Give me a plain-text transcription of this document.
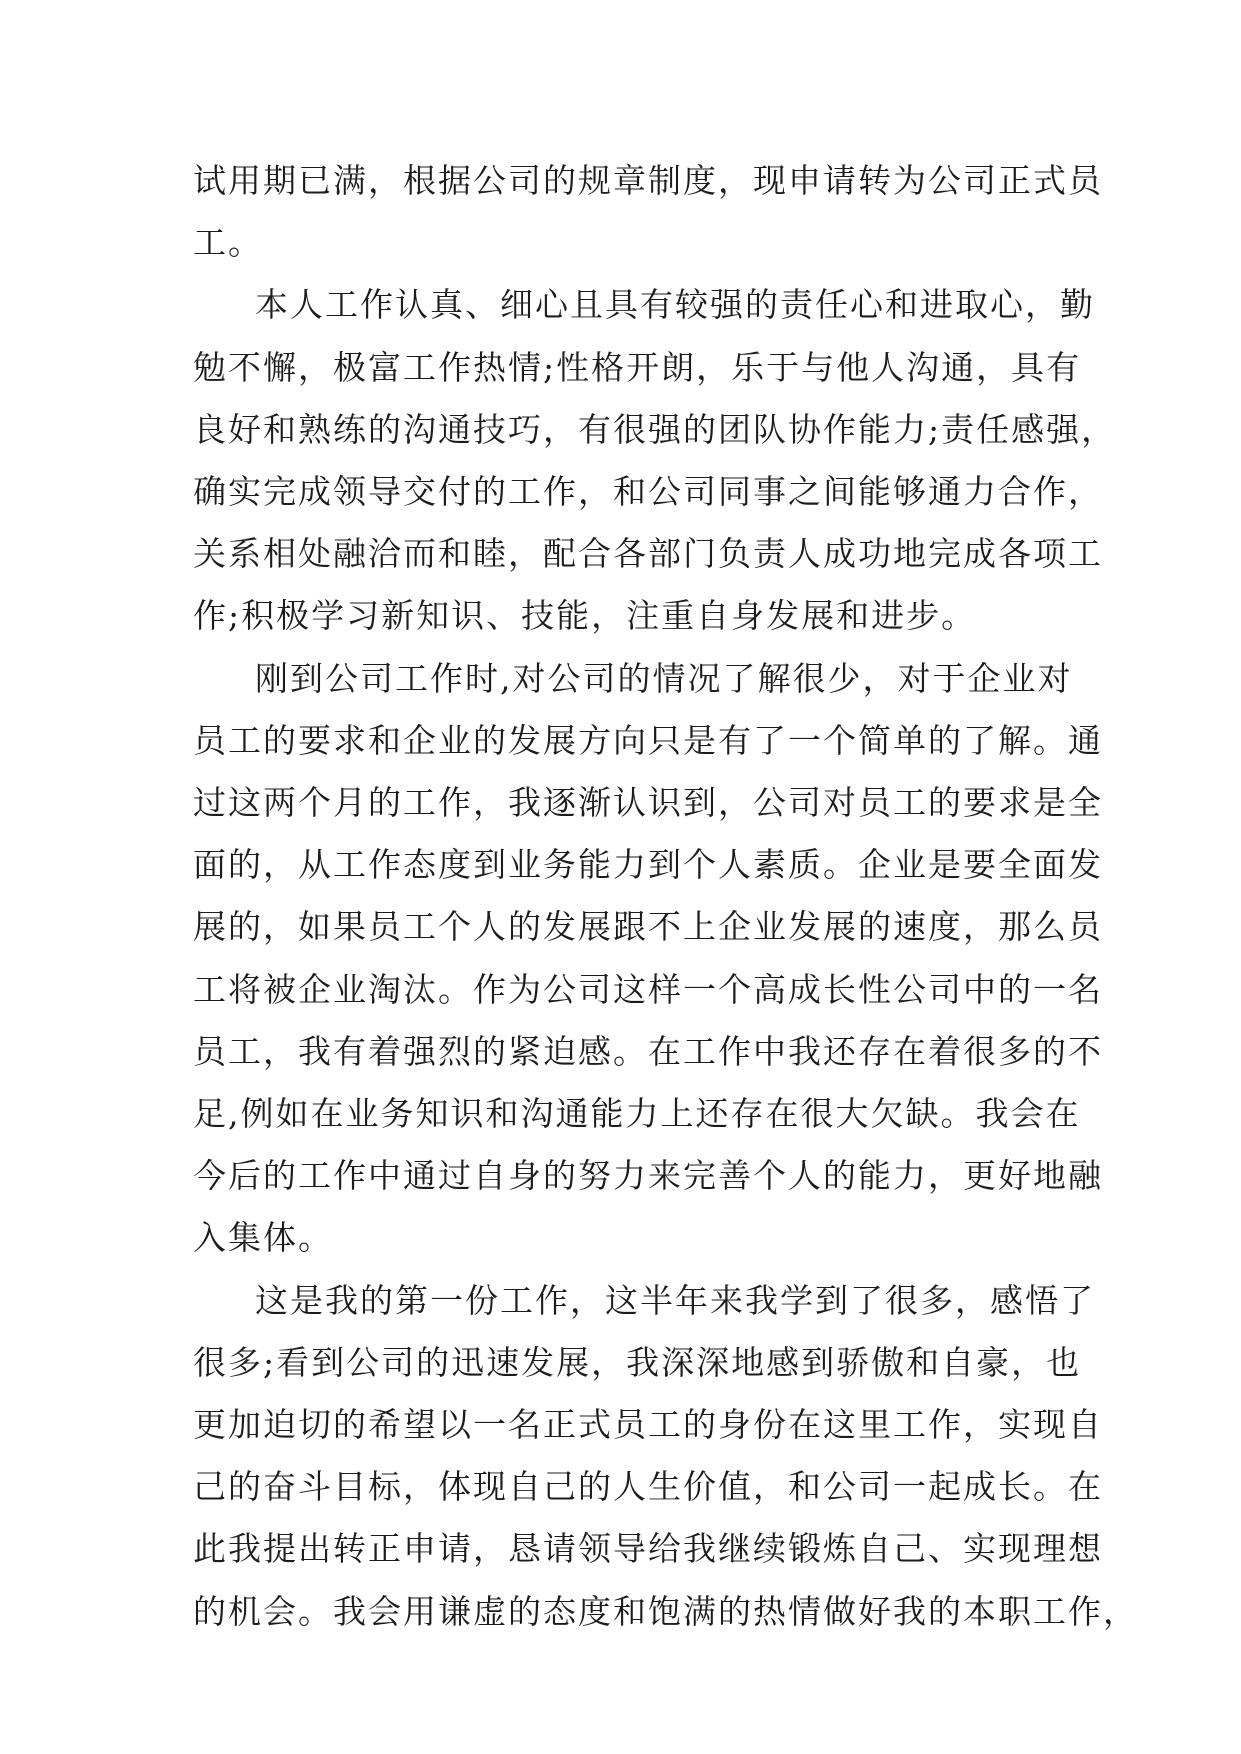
试用期已满，根据公司的规章制度，现申请转为公司正式员
工。

本人工作认真、细心且具有较强的责任心和进取心，勤
勉不懈，极富工作热情;性格开朗，乐于与他人沟通，具有
良好和熟练的沟通技巧，有很强的团队协作能力;责任感强，
确实完成领导交付的工作，和公司同事之间能够通力合作，
关系相处融洽而和睦，配合各部门负责人成功地完成各项工
作;积极学习新知识、技能，注重自身发展和进步。

刚到公司工作时,对公司的情况了解很少，对于企业对
员工的要求和企业的发展方向只是有了一个简单的了解。通
过这两个月的工作，我逐渐认识到，公司对员工的要求是全
面的，从工作态度到业务能力到个人素质。企业是要全面发
展的，如果员工个人的发展跟不上企业发展的速度，那么员
工将被企业淘汰。作为公司这样一个高成长性公司中的一名
员工，我有着强烈的紧迫感。在工作中我还存在着很多的不
足,例如在业务知识和沟通能力上还存在很大欠缺。我会在
今后的工作中通过自身的努力来完善个人的能力，更好地融
入集体。

这是我的第一份工作，这半年来我学到了很多，感悟了
很多;看到公司的迅速发展，我深深地感到骄傲和自豪，也
更加迫切的希望以一名正式员工的身份在这里工作，实现自
己的奋斗目标，体现自己的人生价值，和公司一起成长。在
此我提出转正申请，恳请领导给我继续锻炼自己、实现理想
的机会。我会用谦虚的态度和饱满的热情做好我的本职工作，
